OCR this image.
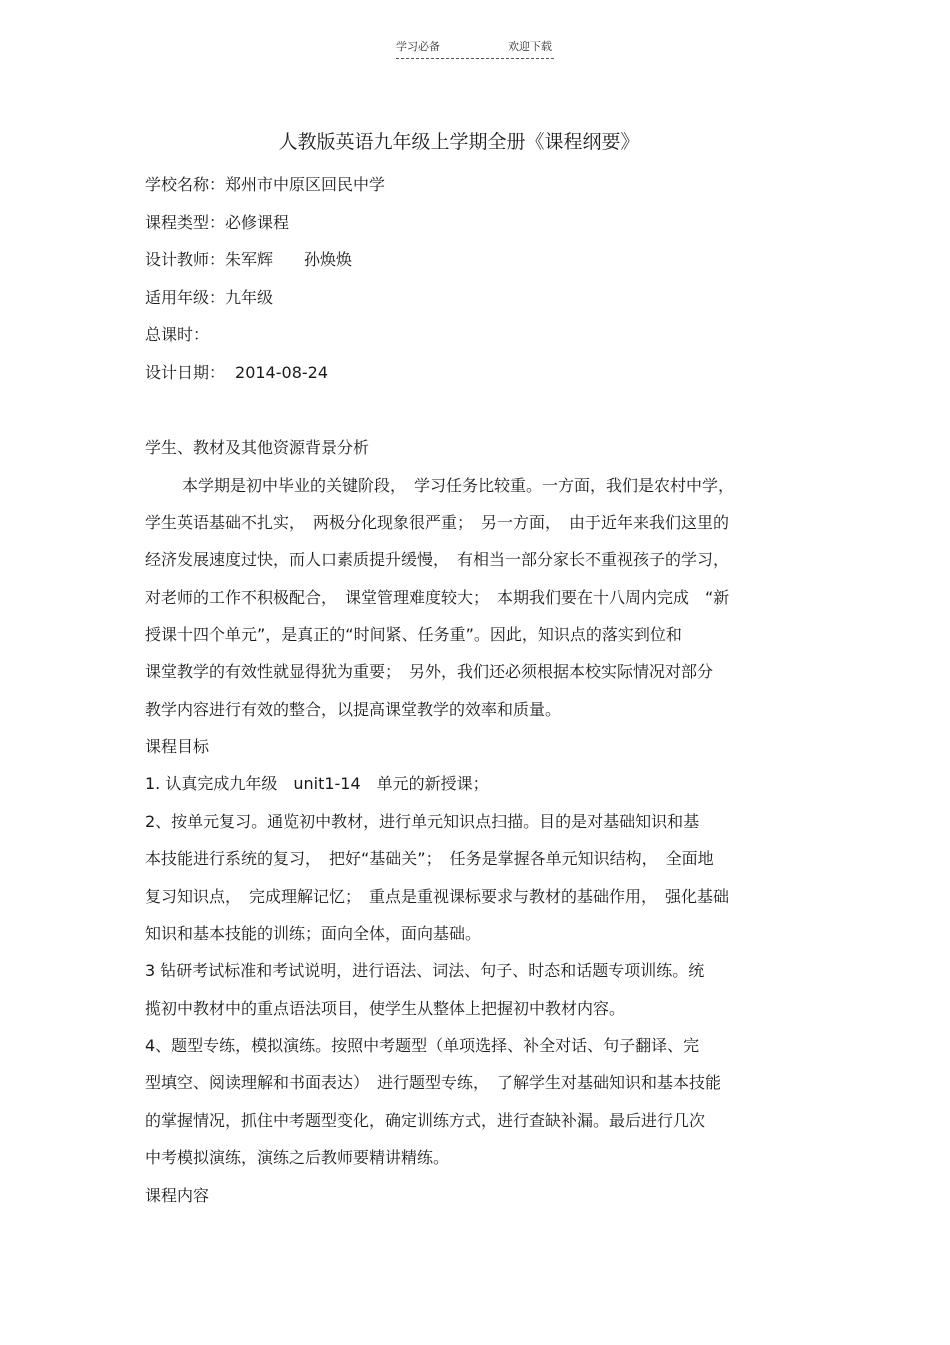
学习必备	欢迎下载
人教版英语九年级上学期全册《课程纲要》
学校名称：郑州市中原区回民中学
课程类型：必修课程
设计教师：朱军辉 孙焕焕
适用年级：九年级
总课时：
设计日期： 2014-08-24
学生、教材及其他资源背景分析
本学期是初中毕业的关键阶段，　学习任务比较重。一方面，我们是农村中学，
学生英语基础不扎实，　两极分化现象很严重；　另一方面，　由于近年来我们这里的
经济发展速度过快，而人口素质提升缓慢，　有相当一部分家长不重视孩子的学习，
对老师的工作不积极配合，　课堂管理难度较大；　本期我们要在十八周内完成　“新
授课十四个单元”，是真正的“时间紧、任务重”。因此，知识点的落实到位和
课堂教学的有效性就显得犹为重要；　另外，我们还必须根据本校实际情况对部分
教学内容进行有效的整合，以提高课堂教学的效率和质量。
课程目标
1. 认真完成九年级　unit1-14　单元的新授课；
2、按单元复习。通览初中教材，进行单元知识点扫描。目的是对基础知识和基
本技能进行系统的复习，　把好“基础关”；　任务是掌握各单元知识结构，　全面地
复习知识点，　完成理解记忆；　重点是重视课标要求与教材的基础作用，　强化基础
知识和基本技能的训练；面向全体，面向基础。
3 钻研考试标准和考试说明，进行语法、词法、句子、时态和话题专项训练。统
揽初中教材中的重点语法项目，使学生从整体上把握初中教材内容。
4、题型专练，模拟演练。按照中考题型（单项选择、补全对话、句子翻译、完
型填空、阅读理解和书面表达）　进行题型专练，　了解学生对基础知识和基本技能
的掌握情况，抓住中考题型变化，确定训练方式，进行查缺补漏。最后进行几次
中考模拟演练，演练之后教师要精讲精练。
课程内容
